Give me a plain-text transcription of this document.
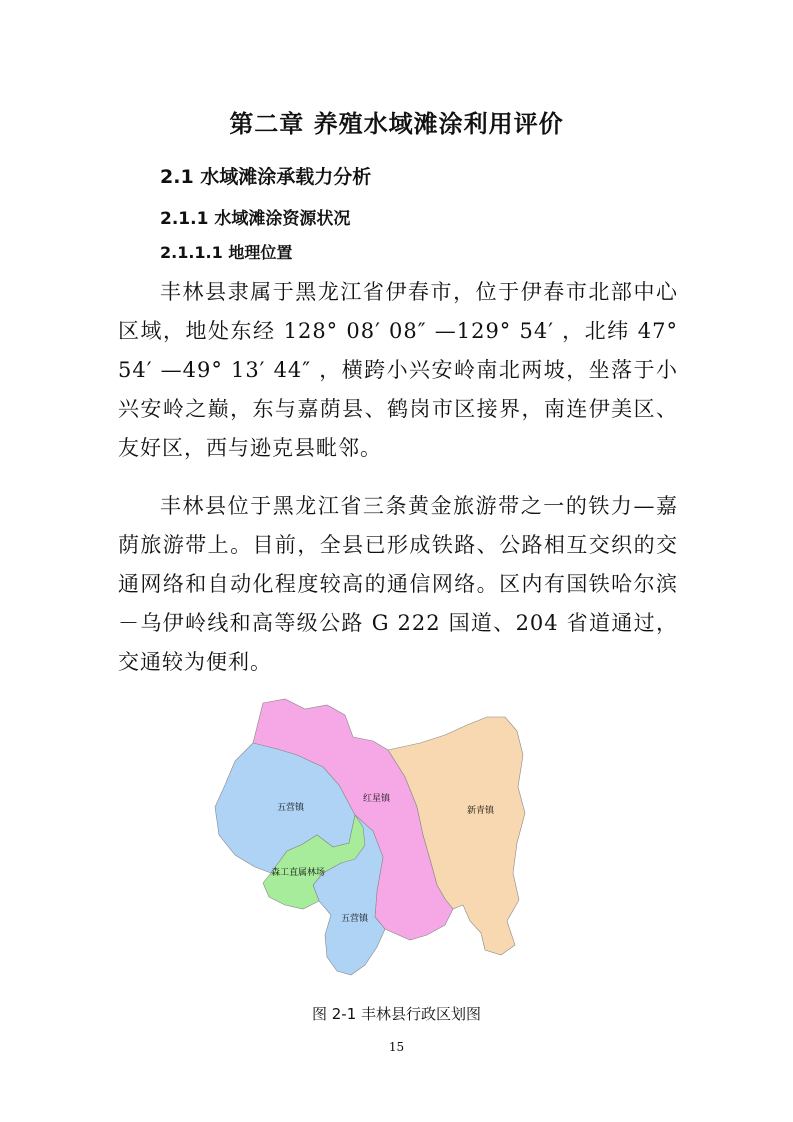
第二章 养殖水域滩涂利用评价
2.1 水域滩涂承载力分析
2.1.1 水域滩涂资源状况
2.1.1.1 地理位置

丰林县隶属于黑龙江省伊春市，位于伊春市北部中心区域，地处东经 128° 08′ 08″ —129° 54′ ，北纬 47° 54′ —49° 13′ 44″ ，横跨小兴安岭南北两坡，坐落于小兴安岭之巅，东与嘉荫县、鹤岗市区接界，南连伊美区、友好区，西与逊克县毗邻。

丰林县位于黑龙江省三条黄金旅游带之一的铁力—嘉荫旅游带上。目前，全县已形成铁路、公路相互交织的交通网络和自动化程度较高的通信网络。区内有国铁哈尔滨－乌伊岭线和高等级公路 G 222 国道、204 省道通过，交通较为便利。

五营镇
红星镇
新青镇
森工直属林场
五营镇
图 2-1 丰林县行政区划图
15
